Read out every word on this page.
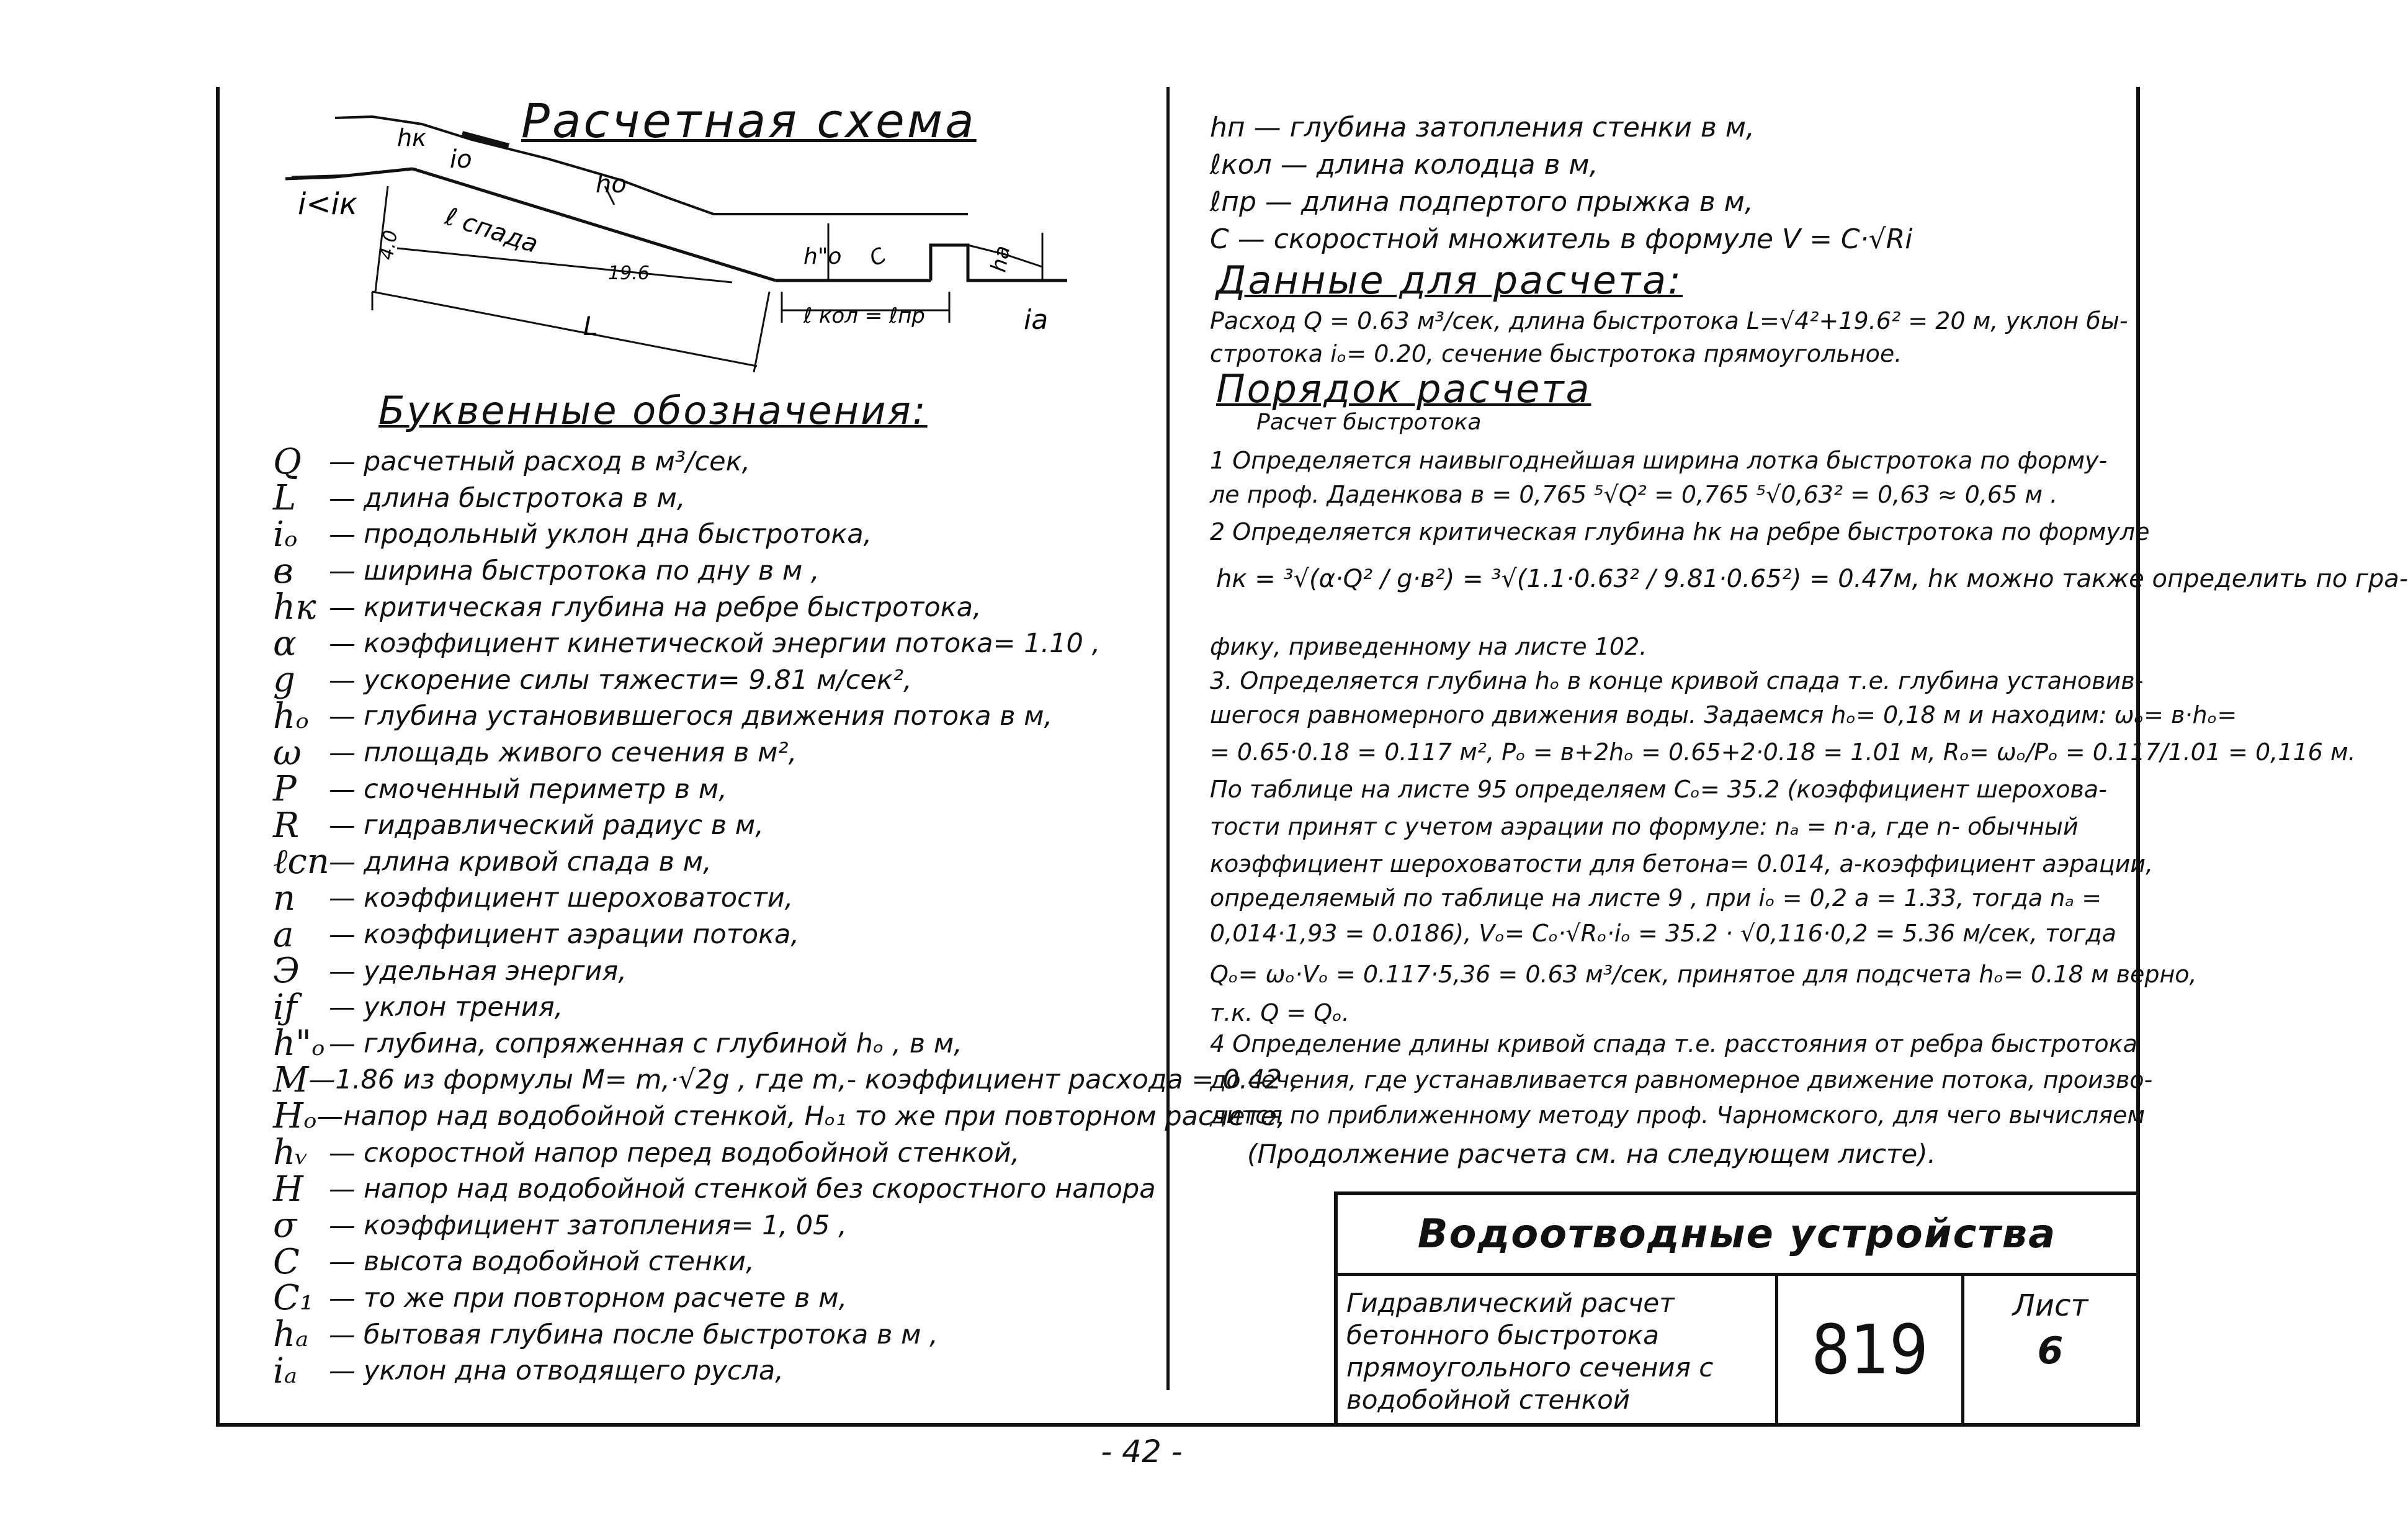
Расчетная схема
i<iк
hк
io
ho
h"o
ℓ спада
4.0
19.6
L
C	ha
ℓ кол = ℓпр	ia
Буквенные обозначения:
Q	— расчетный расход в м³/сек,
L	— длина быстротока в м,
iₒ	— продольный уклон дна быстротока,
в	— ширина быстротока по дну в м ,
hк — критическая глубина на ребре быстротока,
α	— коэффициент кинетической энергии потока= 1.10 ,
g	— ускорение силы тяжести= 9.81 м/сек²,
hₒ — глубина установившегося движения потока в м,
ω	— площадь живого сечения в м²,
P	— смоченный периметр в м,
R	— гидравлический радиус в м,
ℓсп — длина кривой спада в м,
n	— коэффициент шероховатости,
a	— коэффициент аэрации потока,
Э	— удельная энергия,
iƒ	— уклон трения,
h"ₒ — глубина, сопряженная с глубиной hₒ , в м,
M — 1.86 из формулы M= m,·√2g , где m,- коэффициент расхода = 0.42 ,
Hₒ — напор над водобойной стенкой, Hₒ₁ то же при повторном расчете,
hᵥ — скоростной напор перед водобойной стенкой,
H — напор над водобойной стенкой без скоростного напора
σ	— коэффициент затопления= 1, 05 ,
C	— высота водобойной стенки,
C₁ — то же при повторном расчете в м,
hₐ — бытовая глубина после быстротока в м ,
iₐ	— уклон дна отводящего русла,
hп — глубина затопления стенки в м,
ℓкол — длина колодца в м,
ℓпр — длина подпертого прыжка в м,
С — скоростной множитель в формуле V = C·√Ri
Данные для расчета:
Расход Q = 0.63 м³/сек, длина быстротока L=√4²+19.6² = 20 м, уклон бы-
стротока iₒ= 0.20, сечение быстротока прямоугольное.
Порядок расчета
Расчет быстротока
1 Определяется наивыгоднейшая ширина лотка быстротока по форму-
ле проф. Даденкова в = 0,765 ⁵√Q² = 0,765 ⁵√0,63² = 0,63 ≈ 0,65 м .
2 Определяется критическая глубина hк на ребре быстротока по формуле
фику, приведенному на листе 102.
3. Определяется глубина hₒ в конце кривой спада т.е. глубина установив-
шегося равномерного движения воды. Задаемся hₒ= 0,18 м и находим: ωₒ= в·hₒ=
= 0.65·0.18 = 0.117 м², Pₒ = в+2hₒ = 0.65+2·0.18 = 1.01 м, Rₒ= ωₒ/Pₒ = 0.117/1.01 = 0,116 м.
По таблице на листе 95 определяем Cₒ= 35.2 (коэффициент шерохова-
тости принят с учетом аэрации по формуле: nₐ = n·a, где n- обычный
коэффициент шероховатости для бетона= 0.014, a-коэффициент аэрации,
определяемый по таблице на листе 9 , при iₒ = 0,2 a = 1.33, тогда nₐ =
0,014·1,93 = 0.0186), Vₒ= Cₒ·√Rₒ·iₒ = 35.2 · √0,116·0,2 = 5.36 м/сек, тогда
Qₒ= ωₒ·Vₒ = 0.117·5,36 = 0.63 м³/сек, принятое для подсчета hₒ= 0.18 м верно,
т.к. Q = Qₒ.
4 Определение длины кривой спада т.е. расстояния от ребра быстротока
до сечения, где устанавливается равномерное движение потока, произво-
дится по приближенному методу проф. Чарномского, для чего вычисляем
(Продолжение расчета см. на следующем листе).
hк = ³√(α·Q² / g·в²) = ³√(1.1·0.63² / 9.81·0.65²) = 0.47м, hк можно также определить по гра-
Водоотводные устройства
Гидравлический расчет бетонного быстротока прямоугольного сечения с водобойной стенкой
819
Лист
6
- 42 -
